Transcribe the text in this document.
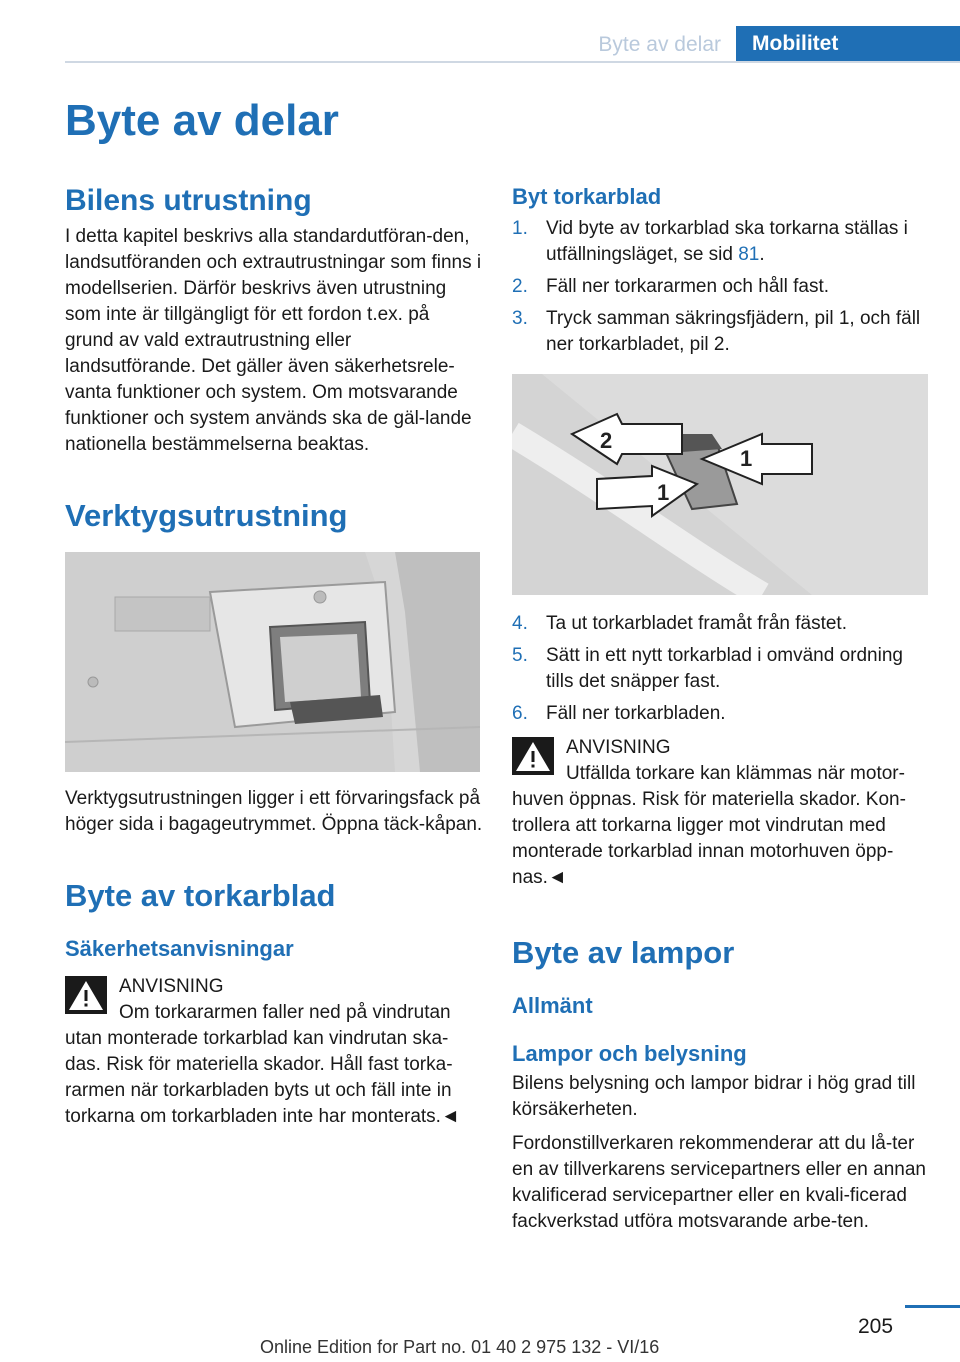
Byte av delar	Mobilitet
Byte av delar
Bilens utrustning

I detta kapitel beskrivs alla standardutföran-den, landsutföranden och extrautrustningar som finns i modellserien. Därför beskrivs även utrustning som inte är tillgängligt för ett fordon t.ex. på grund av vald extrautrustning eller landsutförande. Det gäller även säkerhetsrele-vanta funktioner och system. Om motsvarande funktioner och system används ska de gäl-lande nationella bestämmelserna beaktas.

Verktygsutrustning

Verktygsutrustningen ligger i ett förvaringsfack på höger sida i bagageutrymmet. Öppna täck-kåpan.

Byte av torkarblad
Säkerhetsanvisningar
ANVISNING

Om torkararmen faller ned på vindrutan utan monterade torkarblad kan vindrutan ska-das. Risk för materiella skador. Håll fast torka-rarmen när torkarbladen byts ut och fäll inte in torkarna om torkarbladen inte har monterats.◄

Byt torkarblad
1. Vid byte av torkarblad ska torkarna ställas i utfällningsläget, se sid 81.
2. Fäll ner torkararmen och håll fast.
3. Tryck samman säkringsfjädern, pil 1, och fäll ner torkarbladet, pil 2.
2
1
1
4. Ta ut torkarbladet framåt från fästet.
5. Sätt in ett nytt torkarblad i omvänd ordning tills det snäpper fast.
6. Fäll ner torkarbladen.
ANVISNING

Utfällda torkare kan klämmas när motor-huven öppnas. Risk för materiella skador. Kon-trollera att torkarna ligger mot vindrutan med monterade torkarblad innan motorhuven öpp-nas.◄

Byte av lampor
Allmänt
Lampor och belysning

Bilens belysning och lampor bidrar i hög grad till körsäkerheten.

Fordonstillverkaren rekommenderar att du lå-ter en av tillverkarens servicepartners eller en annan kvalificerad servicepartner eller en kvali-ficerad fackverkstad utföra motsvarande arbe-ten.

205
Online Edition for Part no. 01 40 2 975 132 - VI/16
